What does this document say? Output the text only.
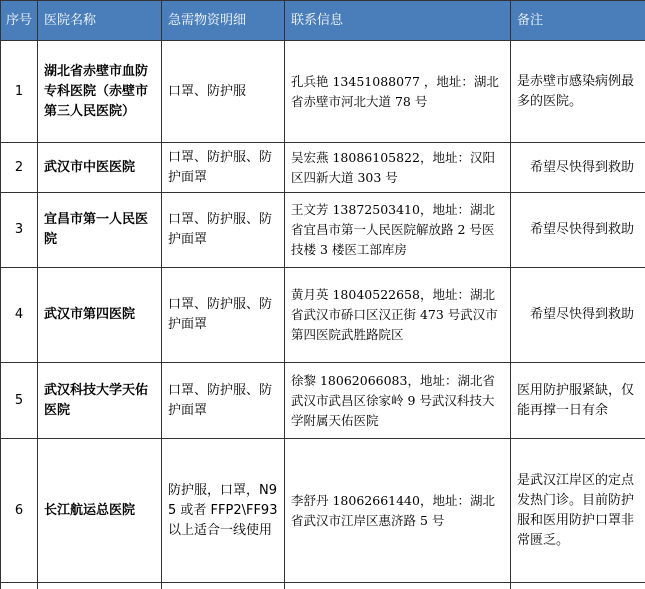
序号	医院名称	急需物资明细	联系信息	备注
1	湖北省赤壁市血防专科医院（赤壁市第三人民医院）	口罩、防护服	孔兵艳 13451088077 ，地址：湖北省赤壁市河北大道 78 号	是赤壁市感染病例最多的医院。
2	武汉市中医医院	口罩、防护服、防护面罩	吴宏燕 18086105822，地址：汉阳区四新大道 303 号	希望尽快得到救助
3	宜昌市第一人民医院	口罩、防护服、防护面罩	王文芳 13872503410，地址：湖北省宜昌市第一人民医院解放路 2 号医技楼 3 楼医工部库房	希望尽快得到救助
4	武汉市第四医院	口罩、防护服、防护面罩	黄月英 18040522658，地址：湖北省武汉市硚口区汉正街 473 号武汉市第四医院武胜路院区	希望尽快得到救助
5	武汉科技大学天佑医院	口罩、防护服、防护面罩	徐黎 18062066083，地址：湖北省武汉市武昌区徐家岭 9 号武汉科技大学附属天佑医院	医用防护服紧缺，仅能再撑一日有余
6	长江航运总医院	防护服，口罩，N95 或者 FFP2\FF93 以上适合一线使用	李舒丹 18062661440，地址：湖北省武汉市江岸区惠济路 5 号	是武汉江岸区的定点发热门诊。目前防护服和医用防护口罩非常匮乏。
